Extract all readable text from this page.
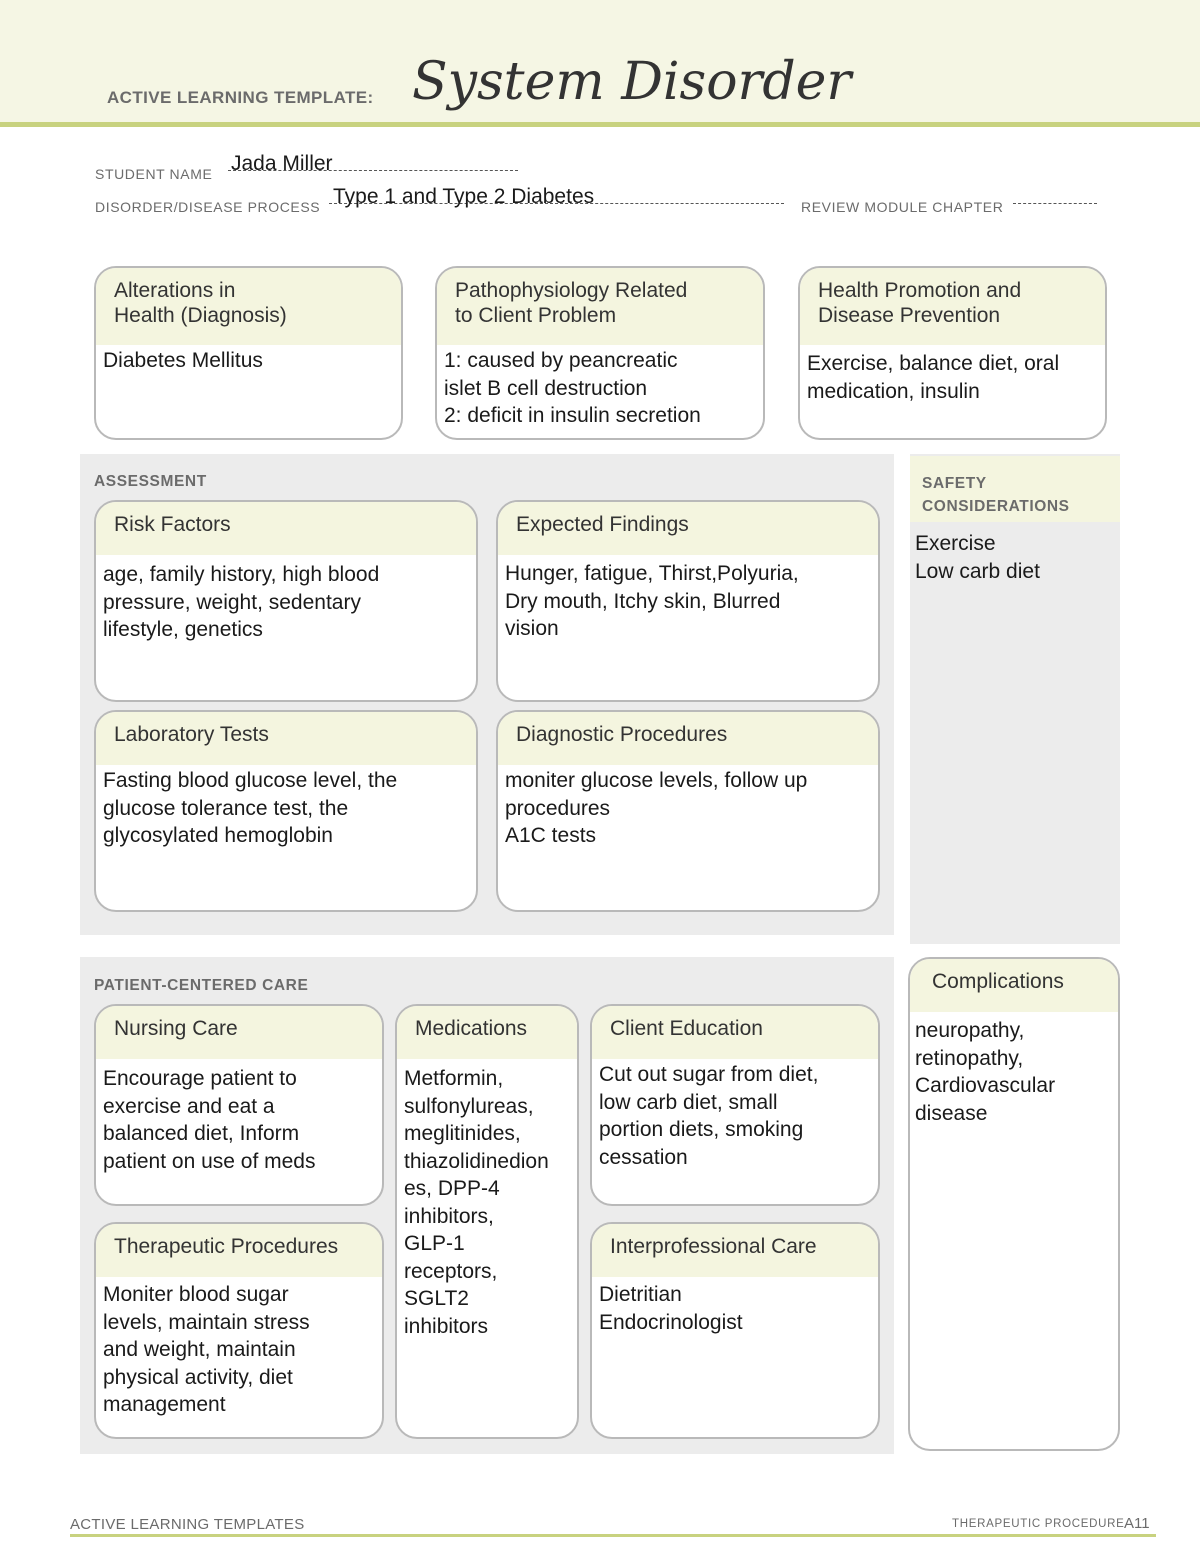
ACTIVE LEARNING TEMPLATE: System Disorder
STUDENT NAME Jada Miller
DISORDER/DISEASE PROCESS Type 1 and Type 2 Diabetes	REVIEW MODULE CHAPTER
Alterations in
Health (Diagnosis)
Diabetes Mellitus
Pathophysiology Related
to Client Problem
1: caused by peancreatic
islet B cell destruction
2: deficit in insulin secretion
Health Promotion and
Disease Prevention
Exercise, balance diet, oral
medication, insulin
ASSESSMENT
Risk Factors
age, family history, high blood
pressure, weight, sedentary
lifestyle, genetics
Expected Findings
Hunger, fatigue, Thirst,Polyuria,
Dry mouth, Itchy skin, Blurred
vision
Laboratory Tests
Fasting blood glucose level, the
glucose tolerance test, the
glycosylated hemoglobin
Diagnostic Procedures
moniter glucose levels, follow up
procedures
A1C tests
SAFETY
CONSIDERATIONS
Exercise
Low carb diet
PATIENT-CENTERED CARE
Nursing Care
Encourage patient to
exercise and eat a
balanced diet, Inform
patient on use of meds
Medications
Metformin,
sulfonylureas,
meglitinides,
thiazolidinedion
es, DPP-4
inhibitors,
GLP-1
receptors,
SGLT2
inhibitors
Client Education
Cut out sugar from diet,
low carb diet, small
portion diets, smoking
cessation
Therapeutic Procedures
Moniter blood sugar
levels, maintain stress
and weight, maintain
physical activity, diet
management
Interprofessional Care
Dietritian
Endocrinologist
Complications
neuropathy,
retinopathy,
Cardiovascular
disease
ACTIVE LEARNING TEMPLATES	THERAPEUTIC PROCEDURE A11
